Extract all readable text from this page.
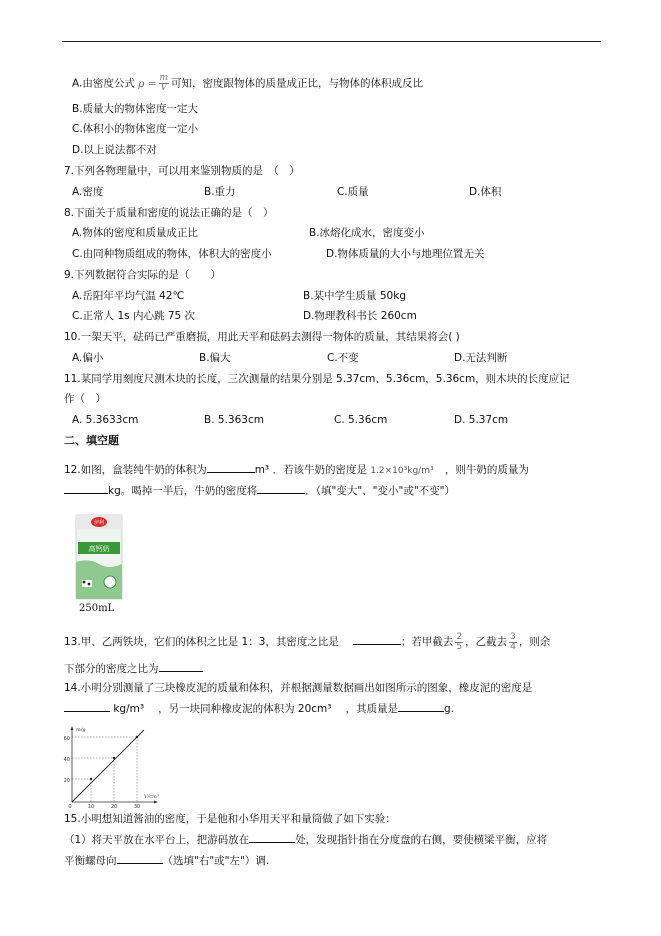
A.由密度公式 $\rho = \frac{m}{V}$ 可知，密度跟物体的质量成正比，与物体的体积成反比
B.质量大的物体密度一定大
C.体积小的物体密度一定小
D.以上说法都不对
7.下列各物理量中，可以用来鉴别物质的是　（　）
A.密度	B.重力	C.质量	D.体积
8.下面关于质量和密度的说法正确的是（　）
A.物体的密度和质量成正比	B.冰熔化成水，密度变小
C.由同种物质组成的物体，体积大的密度小	D.物体质量的大小与地理位置无关
9.下列数据符合实际的是（　　）
A.岳阳年平均气温 42℃	B.某中学生质量 50kg
C.正常人 1s 内心跳 75 次	D.物理教科书长 260cm
10.一架天平，砝码已严重磨损，用此天平和砝码去测得一物体的质量，其结果将会( )
A.偏小	B.偏大	C.不变	D.无法判断
11.某同学用刻度尺测木块的长度，三次测量的结果分别是 5.37cm、5.36cm，5.36cm，则木块的长度应记
作（　）
A. 5.3633cm	B. 5.363cm	C. 5.36cm	D. 5.37cm
二、填空题
12.如图，盒装纯牛奶的体积为	m³ ．若该牛奶的密度是 1.2×10³kg/m³ ，则牛奶的质量为
kg。喝掉一半后，牛奶的密度将	．（填"变大"、"变小"或"不变"）
伊利
高钙奶
250mL
13.甲、乙两铁块，它们的体积之比是 1：3，其密度之比是	；若甲截去 $\frac{2}{5}$ ，乙截去 $\frac{3}{4}$ ，则余
下部分的密度之比为
14.小明分别测量了三块橡皮泥的质量和体积，并根据测量数据画出如图所示的图象，橡皮泥的密度是
kg/m³ ，另一块同种橡皮泥的体积为 20cm³ ，其质量是	g.
m/g
V/cm³
60
40
20
0	10	20	30
15.小明想知道酱油的密度，于是他和小华用天平和量筒做了如下实验：
（1）将天平放在水平台上，把游码放在	处，发现指针指在分度盘的右侧，要使横梁平衡，应将
平衡螺母向	（选填"右"或"左"）调.
